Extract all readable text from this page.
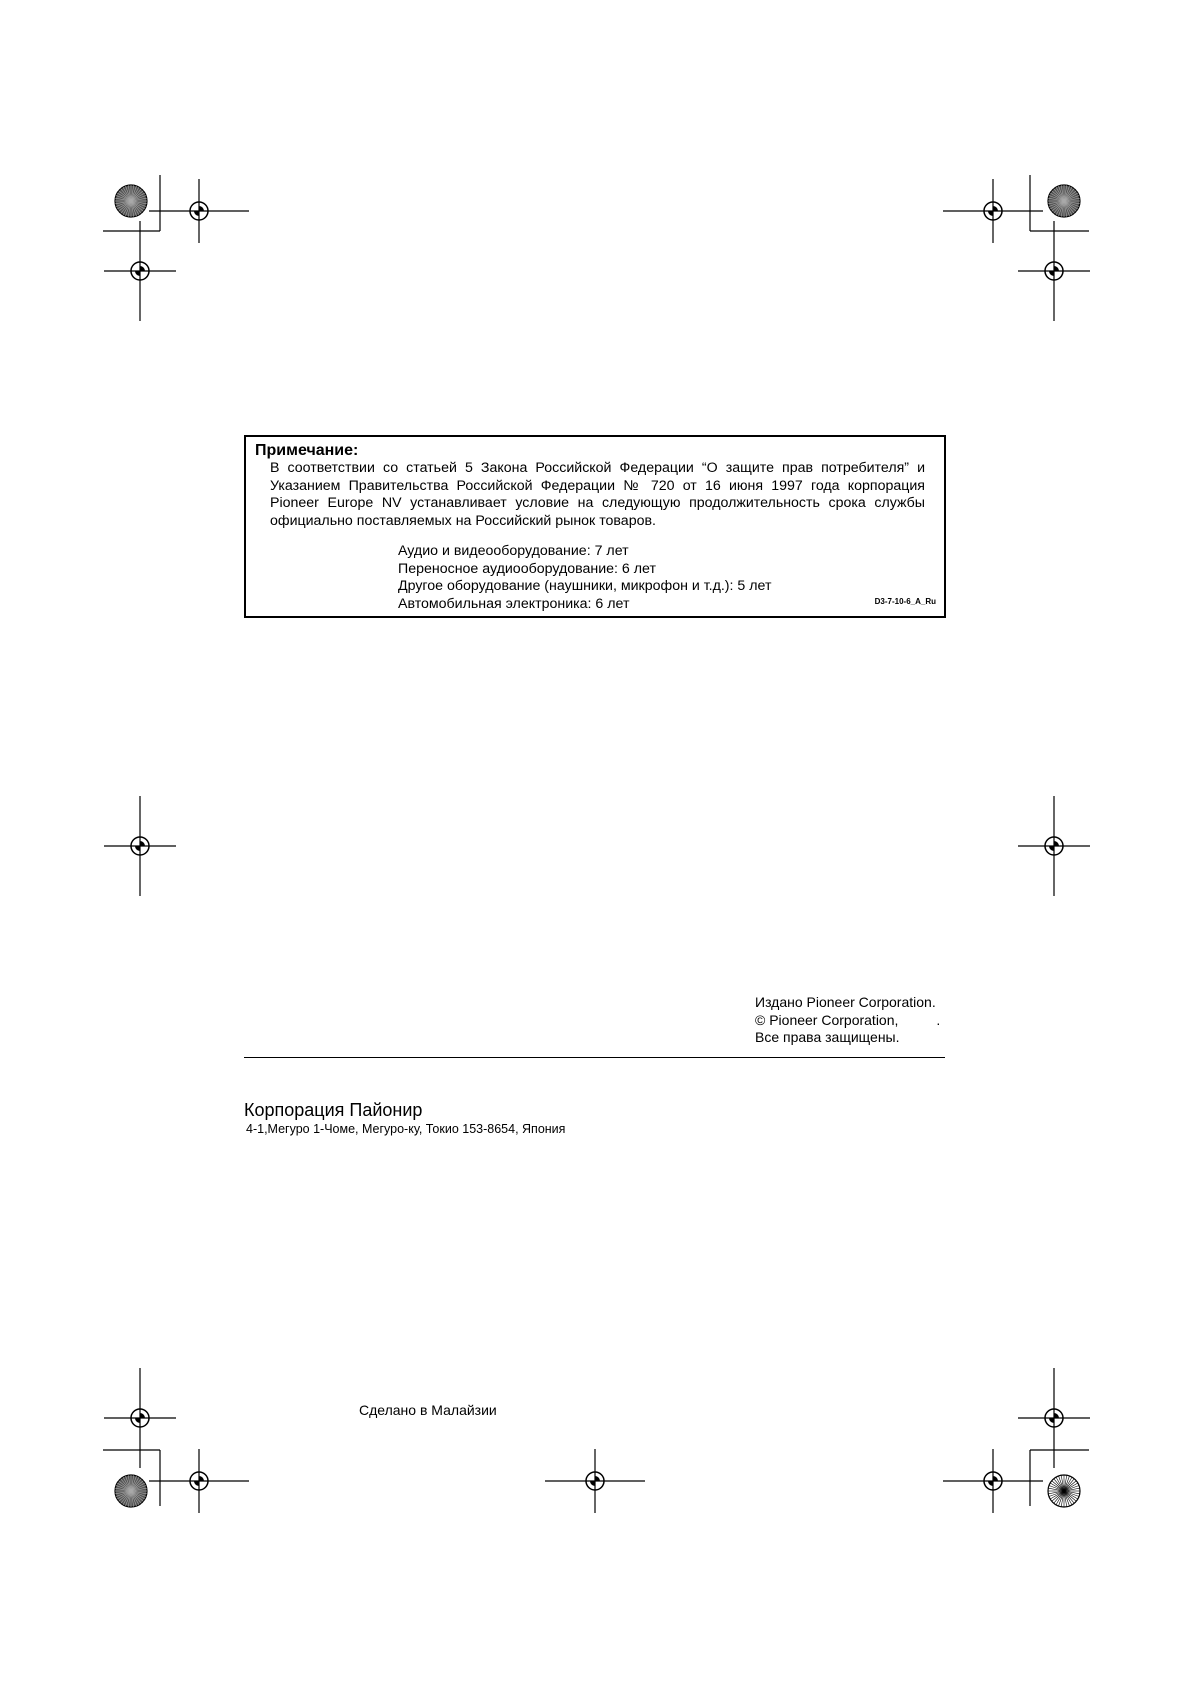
Примечание:
В соответствии со статьей 5 Закона Российской Федерации “О защите прав потребителя” и Указанием Правительства Российской Федерации № 720 от 16 июня 1997 года корпорация Pioneer Europe NV устанавливает условие на следующую продолжительность срока службы официально поставляемых на Российский рынок товаров.
Аудио и видеооборудование: 7 лет
Переносное аудиооборудование: 6 лет
Другое оборудование (наушники, микрофон и т.д.): 5 лет
Автомобильная электроника: 6 лет	D3-7-10-6_A_Ru
Издано Pioneer Corporation.
© Pioneer Corporation,	.
Все права защищены.
Корпорация Пайонир
4-1,Мегуро 1-Чоме, Мегуро-ку, Токио 153-8654, Япония
Сделано в Малайзии
